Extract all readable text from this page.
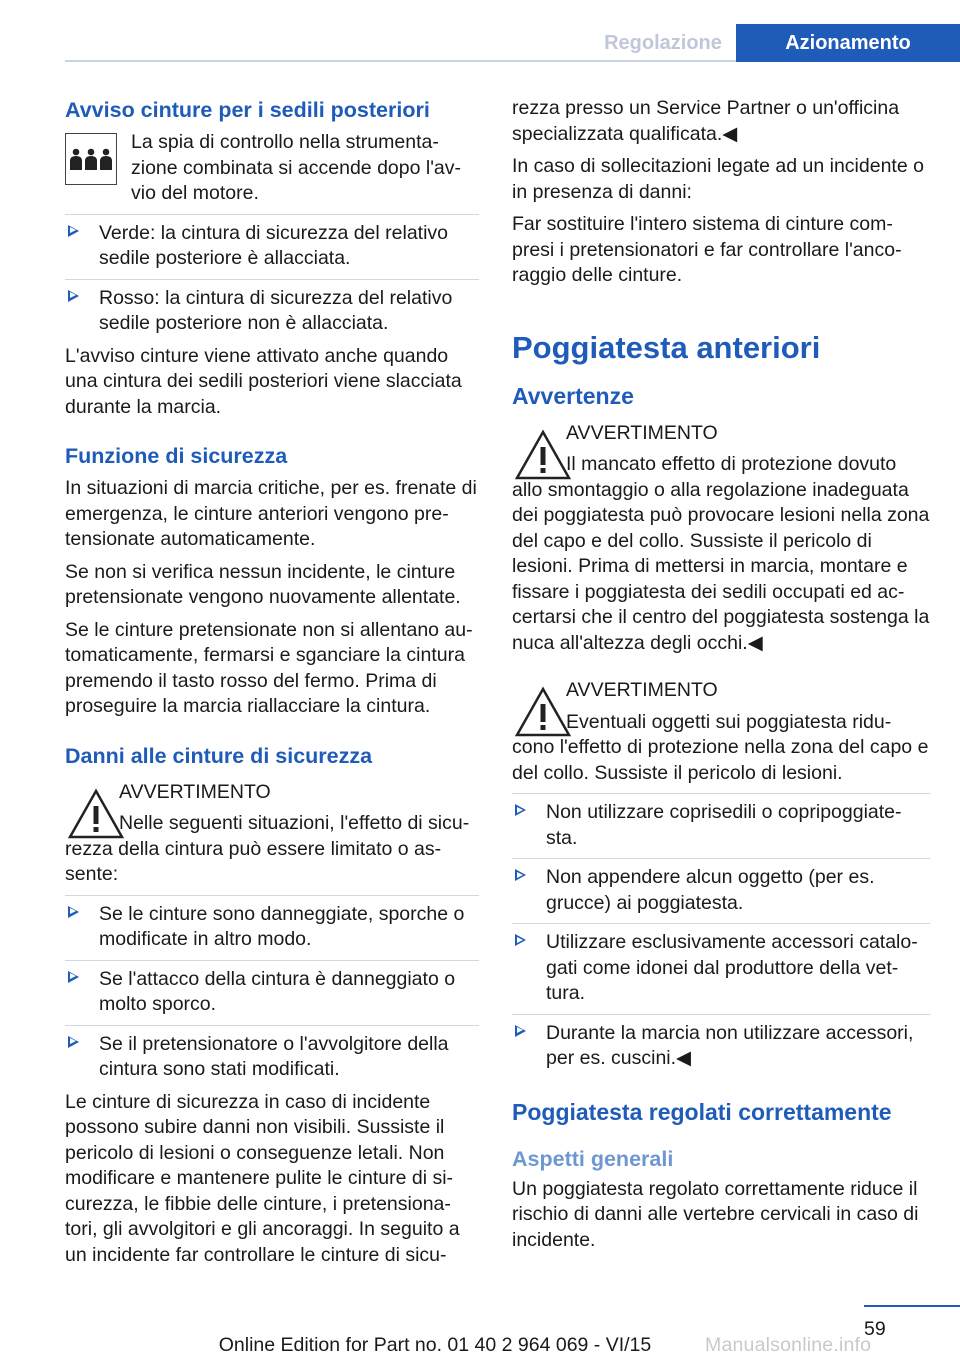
Regolazione	Azionamento
Avviso cinture per i sedili posteriori

La spia di controllo nella strumenta-zione combinata si accende dopo l'av-vio del motore.

Verde: la cintura di sicurezza del relativo sedile posteriore è allacciata.
Rosso: la cintura di sicurezza del relativo sedile posteriore non è allacciata.

L'avviso cinture viene attivato anche quando una cintura dei sedili posteriori viene slacciata durante la marcia.

Funzione di sicurezza

In situazioni di marcia critiche, per es. frenate di emergenza, le cinture anteriori vengono pre-tensionate automaticamente.

Se non si verifica nessun incidente, le cinture pretensionate vengono nuovamente allentate.

Se le cinture pretensionate non si allentano au-tomaticamente, fermarsi e sganciare la cintura premendo il tasto rosso del fermo. Prima di proseguire la marcia riallacciare la cintura.

Danni alle cinture di sicurezza
AVVERTIMENTO

Nelle seguenti situazioni, l'effetto di sicu-rezza della cintura può essere limitato o as-sente:

Se le cinture sono danneggiate, sporche o modificate in altro modo.
Se l'attacco della cintura è danneggiato o molto sporco.
Se il pretensionatore o l'avvolgitore della cintura sono stati modificati.

Le cinture di sicurezza in caso di incidente possono subire danni non visibili. Sussiste il pericolo di lesioni o conseguenze letali. Non modificare e mantenere pulite le cinture di si-curezza, le fibbie delle cinture, i pretensiona-tori, gli avvolgitori e gli ancoraggi. In seguito a un incidente far controllare le cinture di sicu-

rezza presso un Service Partner o un'officina specializzata qualificata.◀

In caso di sollecitazioni legate ad un incidente o in presenza di danni:

Far sostituire l'intero sistema di cinture com-presi i pretensionatori e far controllare l'anco-raggio delle cinture.

Poggiatesta anteriori
Avvertenze
AVVERTIMENTO

Il mancato effetto di protezione dovuto allo smontaggio o alla regolazione inadeguata dei poggiatesta può provocare lesioni nella zona del capo e del collo. Sussiste il pericolo di lesioni. Prima di mettersi in marcia, montare e fissare i poggiatesta dei sedili occupati ed ac-certarsi che il centro del poggiatesta sostenga la nuca all'altezza degli occhi.◀

AVVERTIMENTO

Eventuali oggetti sui poggiatesta ridu-cono l'effetto di protezione nella zona del capo e del collo. Sussiste il pericolo di lesioni.

Non utilizzare coprisedili o copripoggiate-sta.
Non appendere alcun oggetto (per es. grucce) ai poggiatesta.
Utilizzare esclusivamente accessori catalo-gati come idonei dal produttore della vet-tura.
Durante la marcia non utilizzare accessori, per es. cuscini.◀
Poggiatesta regolati correttamente
Aspetti generali

Un poggiatesta regolato correttamente riduce il rischio di danni alle vertebre cervicali in caso di incidente.

59
Online Edition for Part no. 01 40 2 964 069 - VI/15	Manualsonline.info
